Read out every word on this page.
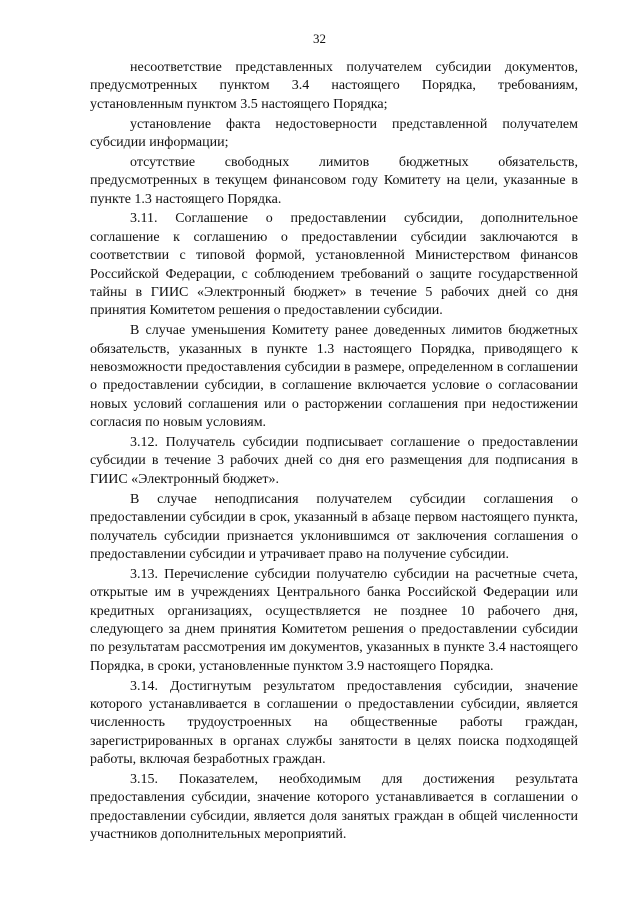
32

несоответствие представленных получателем субсидии документов, предусмотренных пунктом 3.4 настоящего Порядка, требованиям, установленным пунктом 3.5 настоящего Порядка;

установление факта недостоверности представленной получателем субсидии информации;

отсутствие свободных лимитов бюджетных обязательств, предусмотренных в текущем финансовом году Комитету на цели, указанные в пункте 1.3 настоящего Порядка.

3.11. Соглашение о предоставлении субсидии, дополнительное соглашение к соглашению о предоставлении субсидии заключаются в соответствии с типовой формой, установленной Министерством финансов Российской Федерации, с соблюдением требований о защите государственной тайны в ГИИС «Электронный бюджет» в течение 5 рабочих дней со дня принятия Комитетом решения о предоставлении субсидии.

В случае уменьшения Комитету ранее доведенных лимитов бюджетных обязательств, указанных в пункте 1.3 настоящего Порядка, приводящего к невозможности предоставления субсидии в размере, определенном в соглашении о предоставлении субсидии, в соглашение включается условие о согласовании новых условий соглашения или о расторжении соглашения при недостижении согласия по новым условиям.

3.12. Получатель субсидии подписывает соглашение о предоставлении субсидии в течение 3 рабочих дней со дня его размещения для подписания в ГИИС «Электронный бюджет».

В случае неподписания получателем субсидии соглашения о предоставлении субсидии в срок, указанный в абзаце первом настоящего пункта, получатель субсидии признается уклонившимся от заключения соглашения о предоставлении субсидии и утрачивает право на получение субсидии.

3.13. Перечисление субсидии получателю субсидии на расчетные счета, открытые им в учреждениях Центрального банка Российской Федерации или кредитных организациях, осуществляется не позднее 10 рабочего дня, следующего за днем принятия Комитетом решения о предоставлении субсидии по результатам рассмотрения им документов, указанных в пункте 3.4 настоящего Порядка, в сроки, установленные пунктом 3.9 настоящего Порядка.

3.14. Достигнутым результатом предоставления субсидии, значение которого устанавливается в соглашении о предоставлении субсидии, является численность трудоустроенных на общественные работы граждан, зарегистрированных в органах службы занятости в целях поиска подходящей работы, включая безработных граждан.

3.15. Показателем, необходимым для достижения результата предоставления субсидии, значение которого устанавливается в соглашении о предоставлении субсидии, является доля занятых граждан в общей численности участников дополнительных мероприятий.
